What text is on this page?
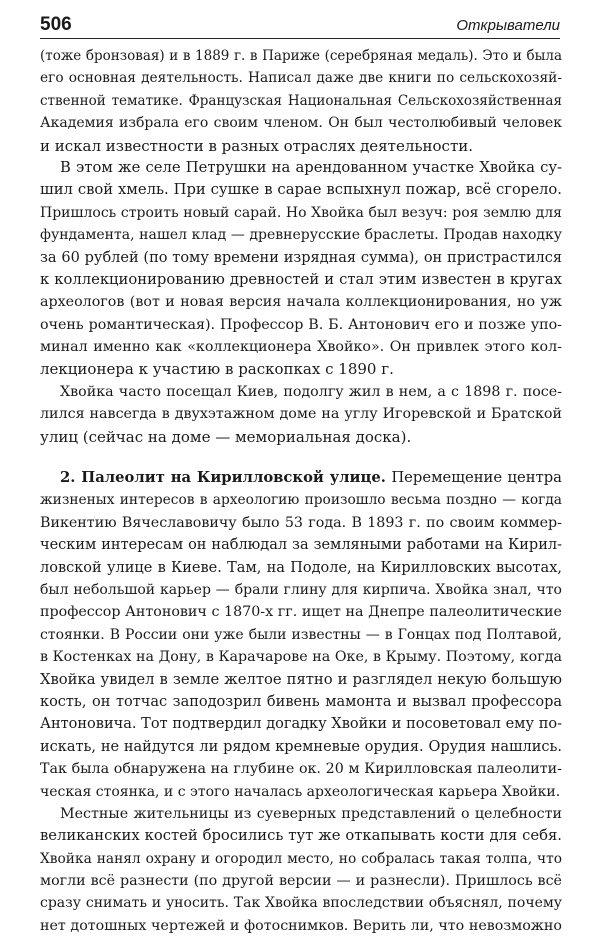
506	Открыватели
(тоже бронзовая) и в 1889 г. в Париже (серебряная медаль). Это и была
его основная деятельность. Написал даже две книги по сельскохозяй-
ственной тематике. Французская Национальная Сельскохозяйственная
Академия избрала его своим членом. Он был честолюбивый человек
и искал известности в разных отраслях деятельности.
В этом же селе Петрушки на арендованном участке Хвойка су-
шил свой хмель. При сушке в сарае вспыхнул пожар, всё сгорело.
Пришлось строить новый сарай. Но Хвойка был везуч: роя землю для
фундамента, нашел клад — древнерусские браслеты. Продав находку
за 60 рублей (по тому времени изрядная сумма), он пристрастился
к коллекционированию древностей и стал этим известен в кругах
археологов (вот и новая версия начала коллекционирования, но уж
очень романтическая). Профессор В. Б. Антонович его и позже упо-
минал именно как «коллекционера Хвойко». Он привлек этого кол-
лекционера к участию в раскопках с 1890 г.
Хвойка часто посещал Киев, подолгу жил в нем, а с 1898 г. посе-
лился навсегда в двухэтажном доме на углу Игоревской и Братской
улиц (сейчас на доме — мемориальная доска).
2. Палеолит на Кирилловской улице. Перемещение центра
жизненых интересов в археологию произошло весьма поздно — когда
Викентию Вячеславовичу было 53 года. В 1893 г. по своим коммер-
ческим интересам он наблюдал за земляными работами на Кирил-
ловской улице в Киеве. Там, на Подоле, на Кирилловских высотах,
был небольшой карьер — брали глину для кирпича. Хвойка знал, что
профессор Антонович с 1870-х гг. ищет на Днепре палеолитические
стоянки. В России они уже были известны — в Гонцах под Полтавой,
в Костенках на Дону, в Карачарове на Оке, в Крыму. Поэтому, когда
Хвойка увидел в земле желтое пятно и разглядел некую большую
кость, он тотчас заподозрил бивень мамонта и вызвал профессора
Антоновича. Тот подтвердил догадку Хвойки и посоветовал ему по-
искать, не найдутся ли рядом кремневые орудия. Орудия нашлись.
Так была обнаружена на глубине ок. 20 м Кирилловская палеолити-
ческая стоянка, и с этого началась археологическая карьера Хвойки.
Местные жительницы из суеверных представлений о целебности
великанских костей бросились тут же откапывать кости для себя.
Хвойка нанял охрану и огородил место, но собралась такая толпа, что
могли всё разнести (по другой версии — и разнесли). Пришлось всё
сразу снимать и уносить. Так Хвойка впоследствии объяснял, почему
нет дотошных чертежей и фотоснимков. Верить ли, что невозможно
